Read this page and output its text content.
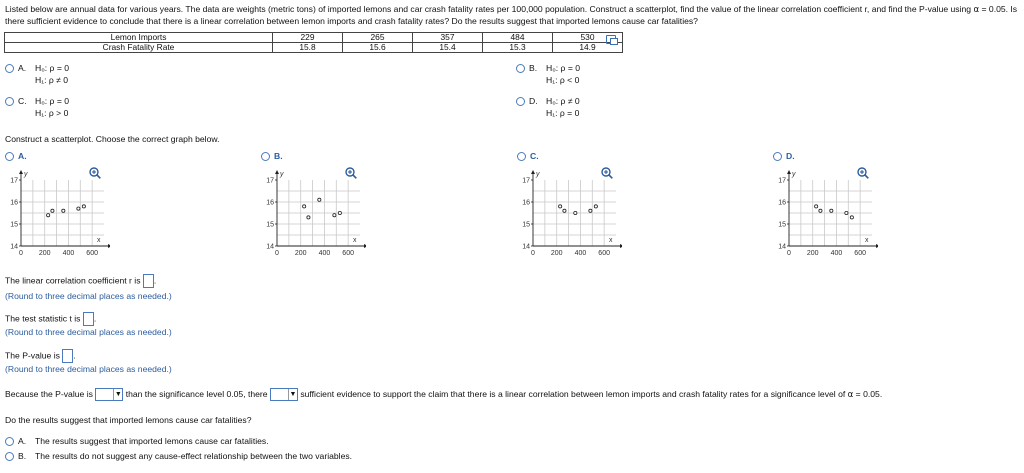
Listed below are annual data for various years. The data are weights (metric tons) of imported lemons and car crash fatality rates per 100,000 population. Construct a scatterplot, find the value of the linear correlation coefficient r, and find the P-value using α = 0.05. Is there sufficient evidence to conclude that there is a linear correlation between lemon imports and crash fatality rates? Do the results suggest that imported lemons cause car fatalities?
Lemon Imports	229	265	357	484	530
Crash Fatality Rate	15.8	15.6	15.4	15.3	14.9
A. H₀: ρ = 0
H₁: ρ ≠ 0
B. H₀: ρ = 0
H₁: ρ < 0
C. H₀: ρ = 0
H₁: ρ > 0
D. H₀: ρ ≠ 0
H₁: ρ = 0
Construct a scatterplot. Choose the correct graph below.
A.	B.	C.	D.
y
x
14
15
16
17
0 200 400 600
y
x
14
15
16
17
0 200 400 600
y
x
14
15
16
17
0 200 400 600
y
x
14
15
16
17
0 200 400 600
The linear correlation coefficient r is .
(Round to three decimal places as needed.)
The test statistic t is .
(Round to three decimal places as needed.)
The P-value is .
(Round to three decimal places as needed.)
Because the P-value is	▼ than the significance level 0.05, there	▼ sufficient evidence to support the claim that there is a linear correlation between lemon imports and crash fatality rates for a significance level of α = 0.05.
Do the results suggest that imported lemons cause car fatalities?
A. The results suggest that imported lemons cause car fatalities.
B. The results do not suggest any cause-effect relationship between the two variables.
